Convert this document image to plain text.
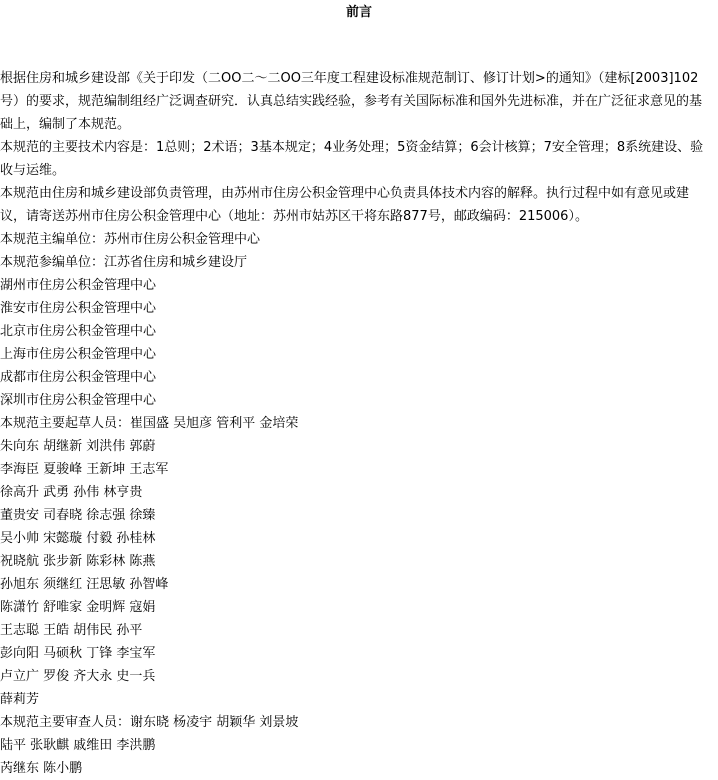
前言

根据住房和城乡建设部《关于印发（二OO二～二OO三年度工程建设标准规范制订、修订计划>的通知》（建标[2003]102号）的要求，规范编制组经广泛调查研究．认真总结实践经验，参考有关国际标准和国外先进标准，并在广泛征求意见的基础上，编制了本规范。

本规范的主要技术内容是：1总则；2术语；3基本规定；4业务处理；5资金结算；6会计核算；7安全管理；8系统建设、验收与运维。

本规范由住房和城乡建设部负责管理，由苏州市住房公积金管理中心负责具体技术内容的解释。执行过程中如有意见或建议，请寄送苏州市住房公积金管理中心（地址：苏州市姑苏区干将东路877号，邮政编码：215006）。

本规范主编单位：苏州市住房公积金管理中心

本规范参编单位：江苏省住房和城乡建设厅

湖州市住房公积金管理中心

淮安市住房公积金管理中心

北京市住房公积金管理中心

上海市住房公积金管理中心

成都市住房公积金管理中心

深圳市住房公积金管理中心

本规范主要起草人员：崔国盛 吴旭彦 管利平 金培荣

朱向东 胡继新 刘洪伟 郭蔚

李海臣 夏骏峰 王新坤 王志军

徐高升 武勇 孙伟 林亨贵

董贵安 司春晓 徐志强 徐臻

吴小帅 宋懿璇 付毅 孙桂林

祝晓航 张步新 陈彩林 陈燕

孙旭东 须继红 汪思敏 孙智峰

陈潇竹 舒唯家 金明辉 寇娟

王志聪 王皓 胡伟民 孙平

彭向阳 马硕秋 丁锋 李宝军

卢立广 罗俊 齐大永 史一兵

薛莉芳

本规范主要审查人员：谢东晓 杨凌宇 胡颖华 刘景坡

陆平 张耿麒 戚维田 李洪鹏

芮继东 陈小鹏
